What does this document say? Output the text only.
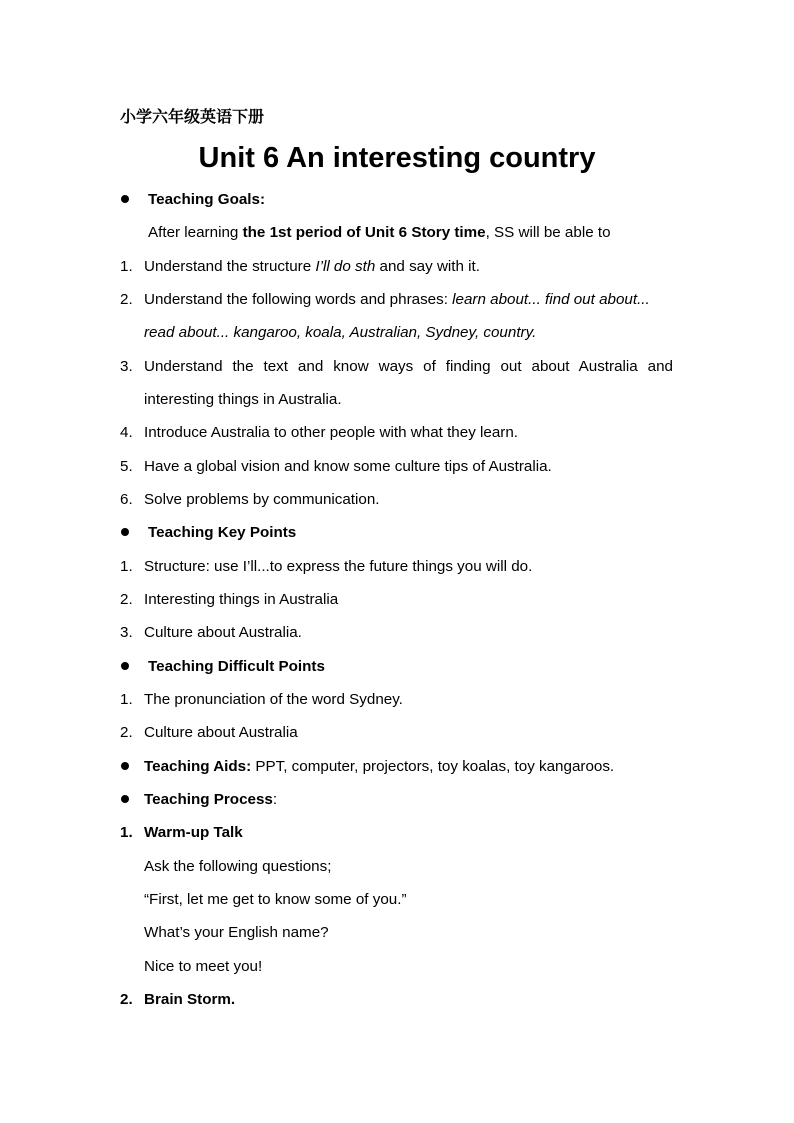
小学六年级英语下册
Unit 6 An interesting country
Teaching Goals:
After learning the 1st period of Unit 6 Story time, SS will be able to
1. Understand the structure I’ll do sth and say with it.
2. Understand the following words and phrases: learn about... find out about...
read about... kangaroo, koala, Australian, Sydney, country.
3. Understand the text and know ways of finding out about Australia and
interesting things in Australia.
4. Introduce Australia to other people with what they learn.
5. Have a global vision and know some culture tips of Australia.
6. Solve problems by communication.
Teaching Key Points
1. Structure: use I’ll...to express the future things you will do.
2. Interesting things in Australia
3. Culture about Australia.
Teaching Difficult Points
1. The pronunciation of the word Sydney.
2. Culture about Australia
Teaching Aids: PPT, computer, projectors, toy koalas, toy kangaroos.
Teaching Process:
1. Warm-up Talk
Ask the following questions;
“First, let me get to know some of you.”
What’s your English name?
Nice to meet you!
2. Brain Storm.
